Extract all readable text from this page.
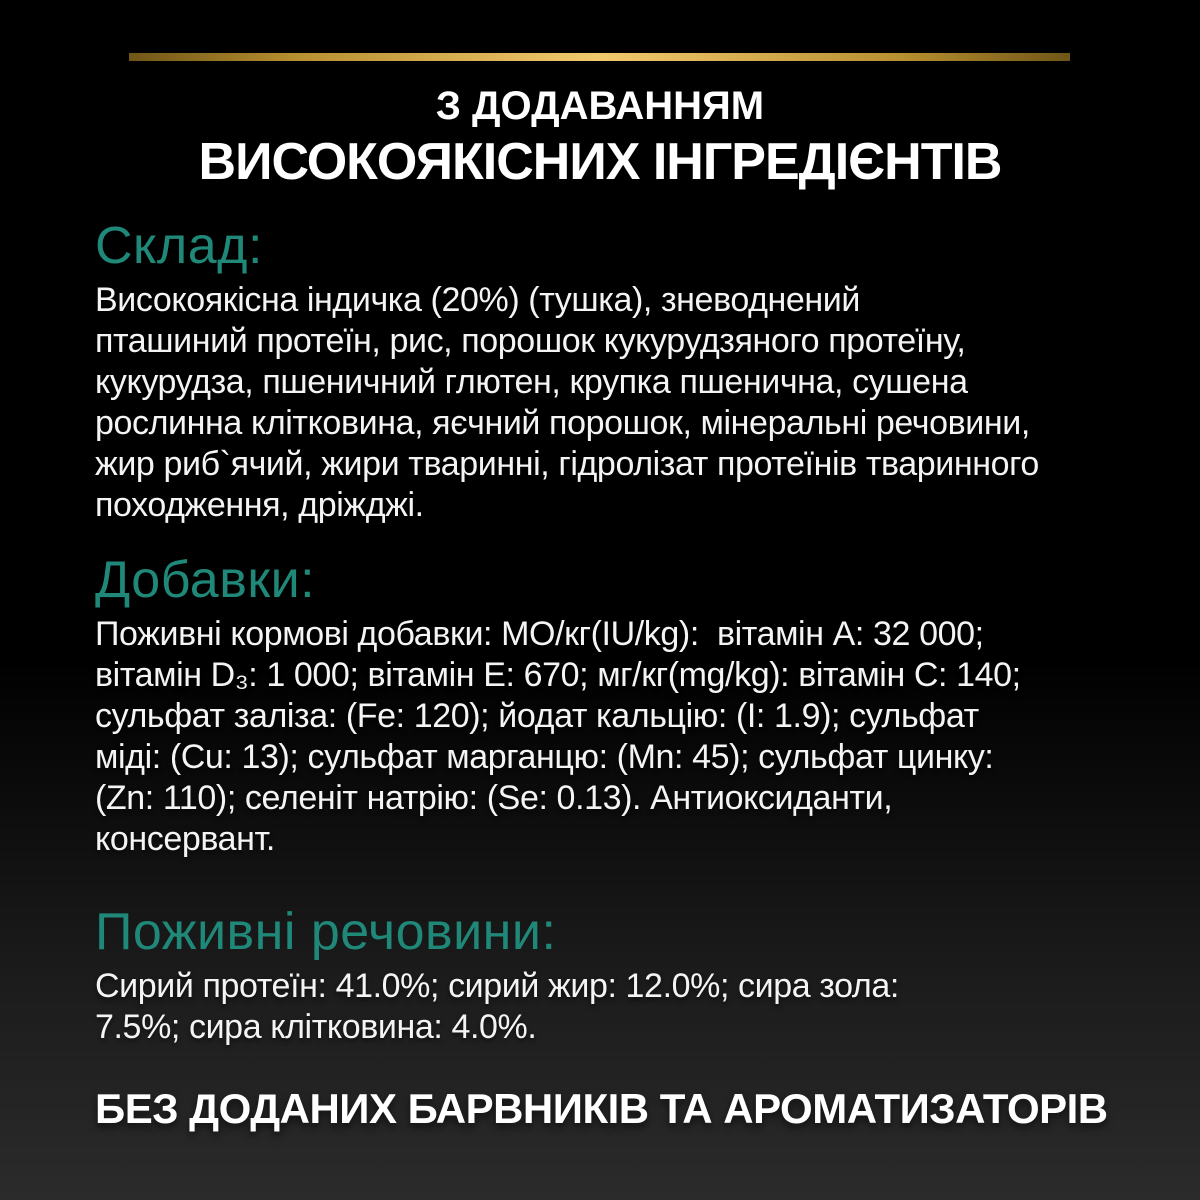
З ДОДАВАННЯМ
ВИСОКОЯКІСНИХ ІНГРЕДІЄНТІВ
Склад:

Високоякісна індичка (20%) (тушка), зневоднений
пташиний протеїн, рис, порошок кукурудзяного протеїну,
кукурудза, пшеничний глютен, крупка пшенична, сушена
рослинна клітковина, яєчний порошок, мінеральні речовини,
жир риб`ячий, жири тваринні, гідролізат протеїнів тваринного
походження, дріжджі.

Добавки:

Поживні кормові добавки: МО/кг(IU/kg):  вітамін A: 32 000;
вітамін D₃: 1 000; вітамін E: 670; мг/кг(mg/kg): вітамін C: 140;
сульфат заліза: (Fe: 120); йодат кальцію: (I: 1.9); сульфат
міді: (Cu: 13); сульфат марганцю: (Mn: 45); сульфат цинку:
(Zn: 110); селеніт натрію: (Se: 0.13). Антиоксиданти,
консервант.

Поживні речовини:

Сирий протеїн: 41.0%; сирий жир: 12.0%; сира зола:
7.5%; сира клітковина: 4.0%.

БЕЗ ДОДАНИХ БАРВНИКІВ ТА АРОМАТИЗАТОРІВ
